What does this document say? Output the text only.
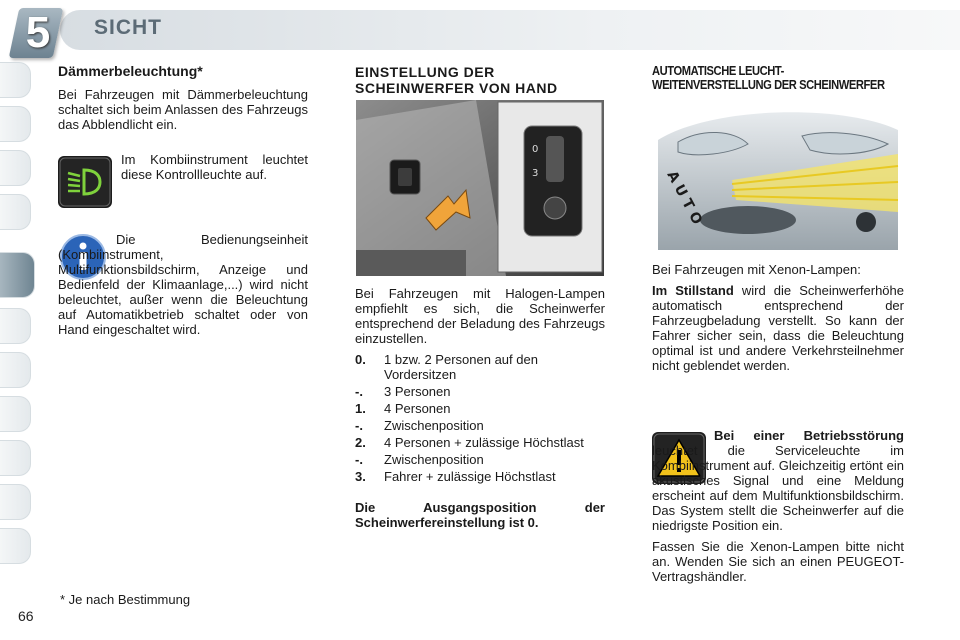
5	SICHT
Dämmerbeleuchtung*

Bei Fahrzeugen mit Dämmerbeleuchtung schaltet sich beim Anlassen des Fahrzeugs das Abblendlicht ein.

Im Kombiinstrument leuchtet diese Kontrollleuchte auf.

Die Bedienungseinheit (Kombiinstrument, Multifunktionsbildschirm, Anzeige und Bedienfeld der Klimaanlage,...) wird nicht beleuchtet, außer wenn die Beleuchtung auf Automatikbetrieb schaltet oder von Hand eingeschaltet wird.

* Je nach Bestimmung
66
EINSTELLUNG DER
SCHEINWERFER VON HAND
0
3

Bei Fahrzeugen mit Halogen-Lampen empfiehlt es sich, die Scheinwerfer entsprechend der Beladung des Fahrzeugs einzustellen.

0.	1 bzw. 2 Personen auf den Vordersitzen
-.	3 Personen
1.	4 Personen
-.	Zwischenposition
2.	4 Personen + zulässige Höchstlast
-.	Zwischenposition
3.	Fahrer + zulässige Höchstlast

Die Ausgangsposition der Scheinwerfereinstellung ist 0.

AUTOMATISCHE LEUCHT-
WEITENVERSTELLUNG DER SCHEINWERFER
AUTO

Bei Fahrzeugen mit Xenon-Lampen:

Im Stillstand wird die Scheinwerferhöhe automatisch entsprechend der Fahrzeugbeladung verstellt. So kann der Fahrer sicher sein, dass die Beleuchtung optimal ist und andere Verkehrsteilnehmer nicht geblendet werden.

Bei einer Betriebsstörung leuchtet die Serviceleuchte im Kombiinstrument auf. Gleichzeitig ertönt ein akustisches Signal und eine Meldung erscheint auf dem Multifunktionsbildschirm. Das System stellt die Scheinwerfer auf die niedrigste Position ein.

Fassen Sie die Xenon-Lampen bitte nicht an. Wenden Sie sich an einen PEUGEOT-Vertragshändler.
